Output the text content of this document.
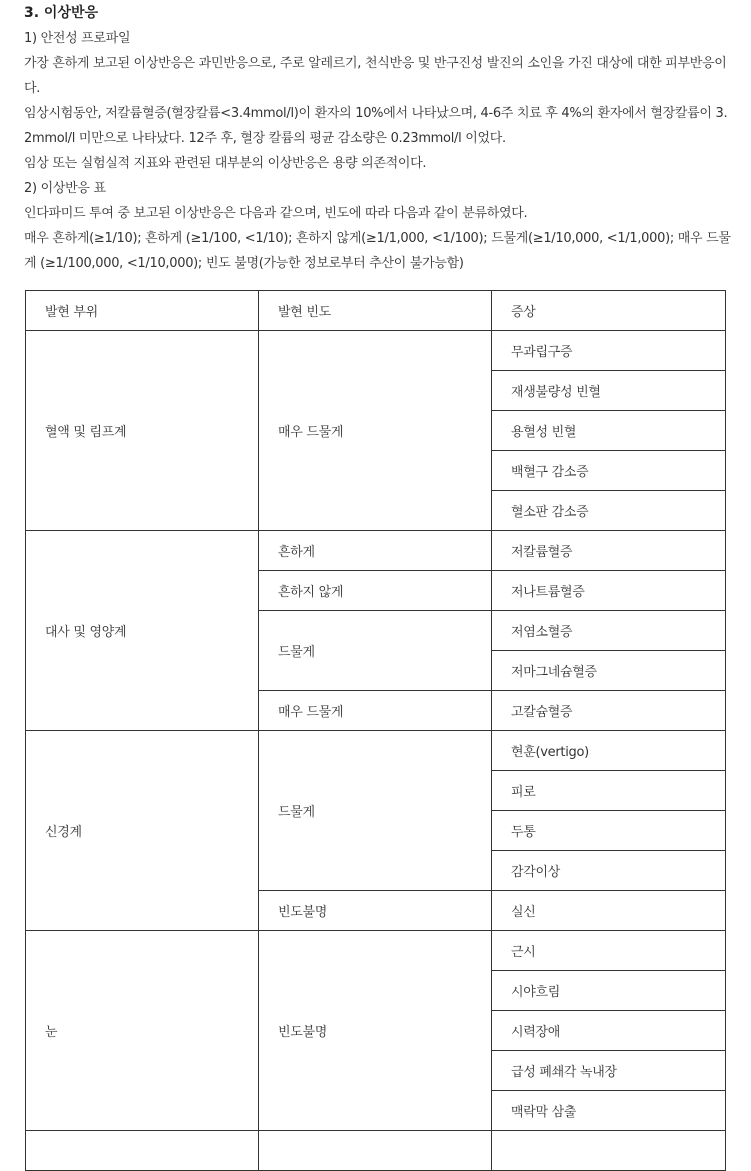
3. 이상반응

1) 안전성 프로파일

가장 흔하게 보고된 이상반응은 과민반응으로, 주로 알레르기, 천식반응 및 반구진성 발진의 소인을 가진 대상에 대한 피부반응이다.

임상시험동안, 저칼륨혈증(혈장칼륨<3.4mmol/l)이 환자의 10%에서 나타났으며, 4-6주 치료 후 4%의 환자에서 혈장칼륨이 3.2mmol/l 미만으로 나타났다. 12주 후, 혈장 칼륨의 평균 감소량은 0.23mmol/l 이었다.

임상 또는 실험실적 지표와 관련된 대부분의 이상반응은 용량 의존적이다.

2) 이상반응 표

인다파미드 투여 중 보고된 이상반응은 다음과 같으며, 빈도에 따라 다음과 같이 분류하였다.

매우 흔하게(≥1/10); 흔하게 (≥1/100, <1/10); 흔하지 않게(≥1/1,000, <1/100); 드물게(≥1/10,000, <1/1,000); 매우 드물게 (≥1/100,000, <1/10,000); 빈도 불명(가능한 정보로부터 추산이 불가능함)

발현 부위	발현 빈도	증상
혈액 및 림프계	매우 드물게	무과립구증
		재생불량성 빈혈
		용혈성 빈혈
		백혈구 감소증
		혈소판 감소증
대사 및 영양계	흔하게	저칼륨혈증
	흔하지 않게	저나트륨혈증
	드물게	저염소혈증
		저마그네슘혈증
	매우 드물게	고칼슘혈증
신경계	드물게	현훈(vertigo)
		피로
		두통
		감각이상
	빈도불명	실신
눈	빈도불명	근시
		시야흐림
		시력장애
		급성 폐쇄각 녹내장
		맥락막 삼출
